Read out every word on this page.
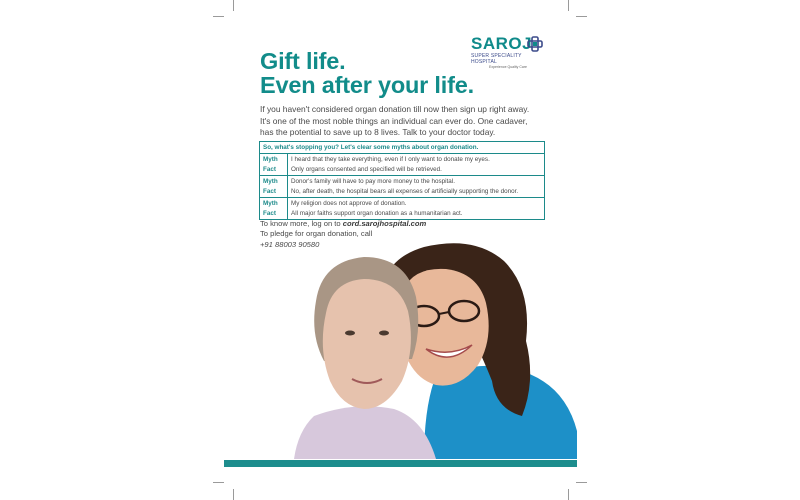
SAROJ
SUPER SPECIALITY HOSPITAL
Experience Quality Care
Gift life.
Even after your life.
If you haven't considered organ donation till now then sign up right away.
It's one of the most noble things an individual can ever do. One cadaver,
has the potential to save up to 8 lives. Talk to your doctor today.
So, what's stopping you? Let's clear some myths about organ donation.
Myth
Fact
I heard that they take everything, even if I only want to donate my eyes.
Only organs consented and specified will be retrieved.
Myth
Fact
Donor's family will have to pay more money to the hospital.
No, after death, the hospital bears all expenses of artificially supporting the donor.
Myth
Fact
My religion does not approve of donation.
All major faiths support organ donation as a humanitarian act.
To know more, log on to cord.sarojhospital.com
To pledge for organ donation, call
+91 88003 90580
